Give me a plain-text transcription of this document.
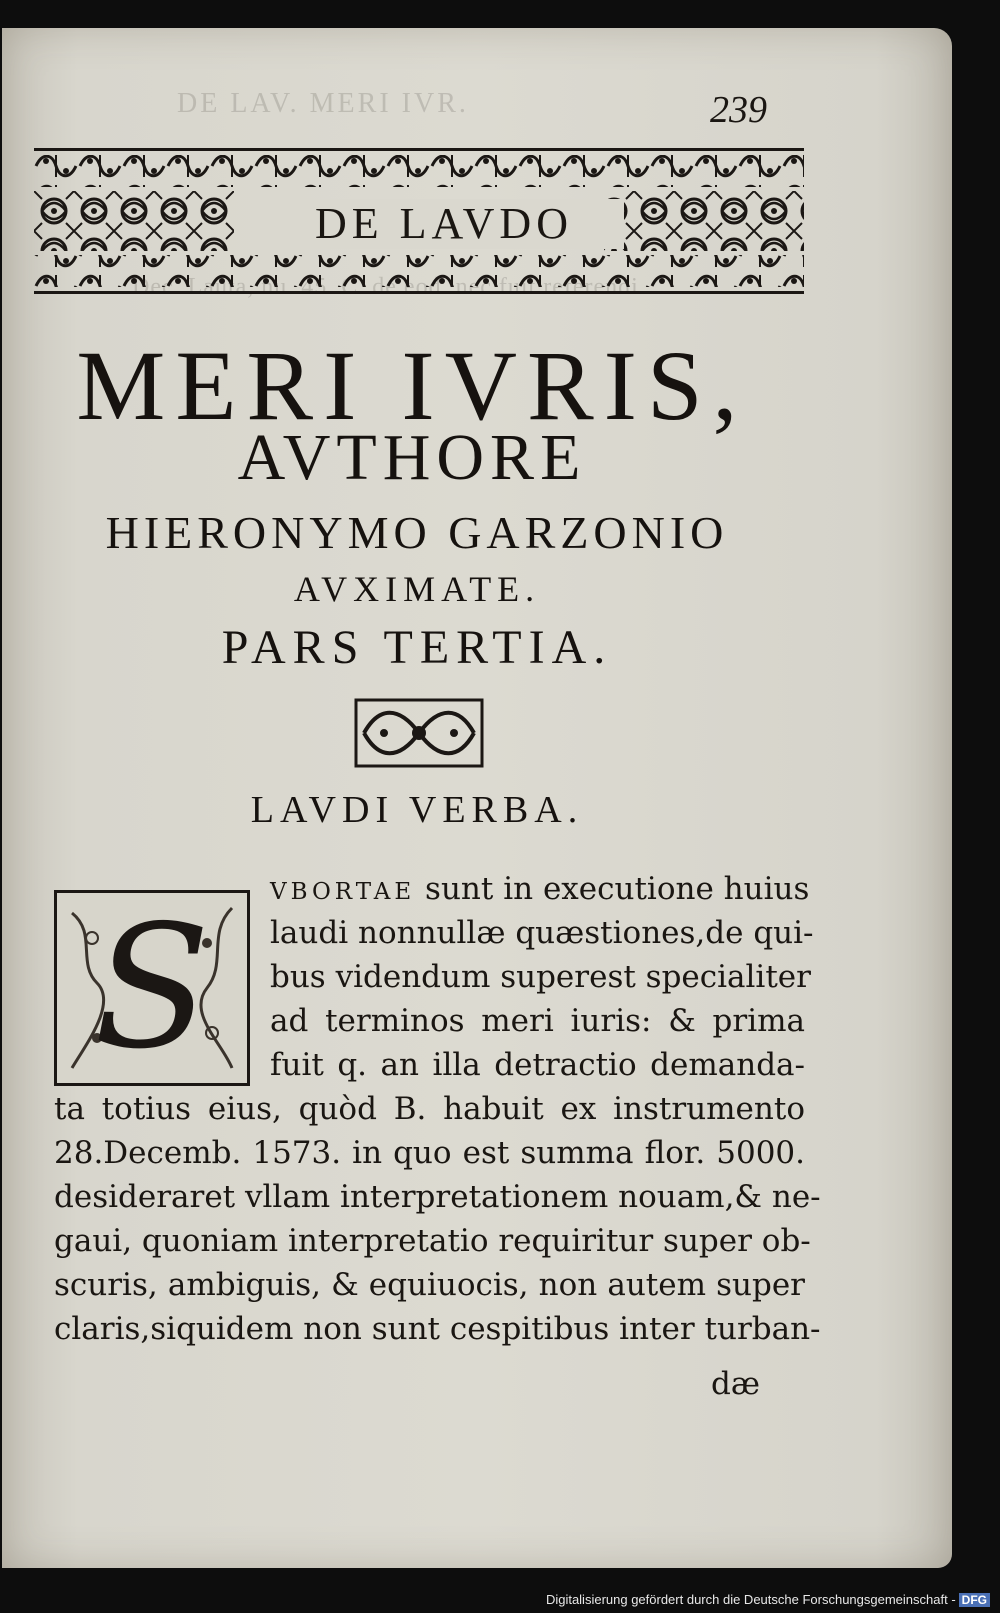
DE LAV. MERI IVR.	239
DE LAVDO
MERI IVRIS,
AVTHORE
HIERONYMO GARZONIO
AVXIMATE.
PARS TERTIA.
LAVDI VERBA.
S	VBORTAE sunt in executione huius
laudi nonnullæ quæstiones,de qui-
bus videndum superest specialiter
ad terminos meri iuris: & prima
fuit q. an illa detractio demanda-
ta totius eius, quòd B. habuit ex instrumento
28.Decemb. 1573. in quo est summa flor. 5000.
desideraret vllam interpretationem nouam,& ne-
gaui, quoniam interpretatio requiritur super ob-
scuris, ambiguis, & equiuocis, non autem super
claris,siquidem non sunt cespitibus inter turban-
dæ
Digitalisierung gefördert durch die Deutsche Forschungsgemeinschaft - DFG
